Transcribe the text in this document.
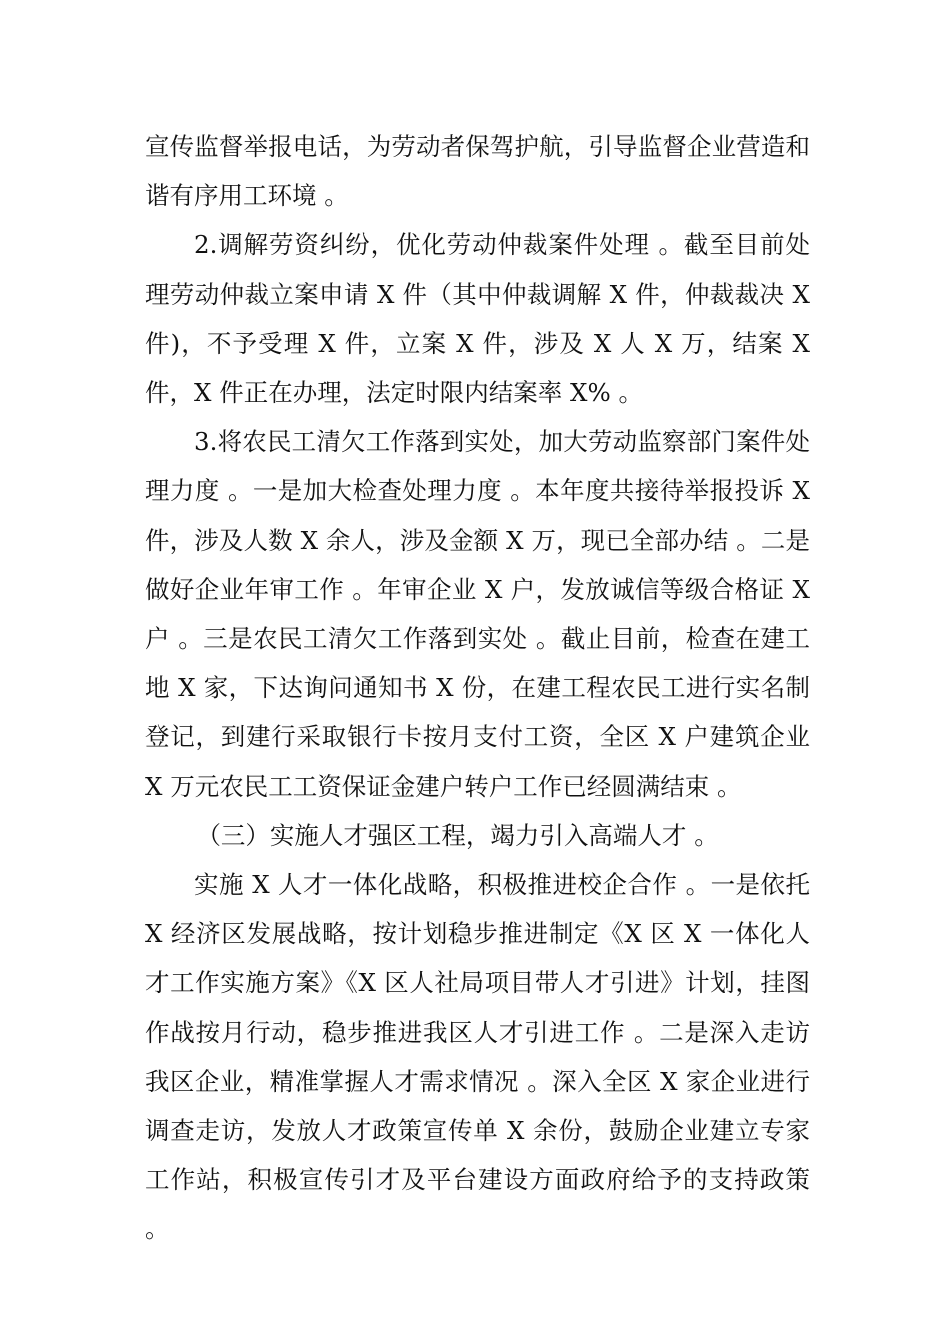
宣传监督举报电话，为劳动者保驾护航，引导监督企业营造和谐有序用工环境 。

2.调解劳资纠纷，优化劳动仲裁案件处理 。截至目前处理劳动仲裁立案申请 X 件（其中仲裁调解 X 件，仲裁裁决 X 件)，不予受理 X 件，立案 X 件，涉及 X 人 X 万，结案 X 件，X 件正在办理，法定时限内结案率 X% 。

3.将农民工清欠工作落到实处，加大劳动监察部门案件处理力度 。一是加大检查处理力度 。本年度共接待举报投诉 X 件，涉及人数 X 余人，涉及金额 X 万，现已全部办结 。二是做好企业年审工作 。年审企业 X 户，发放诚信等级合格证 X 户 。三是农民工清欠工作落到实处 。截止目前，检查在建工地 X 家，下达询问通知书 X 份，在建工程农民工进行实名制登记，到建行采取银行卡按月支付工资，全区 X 户建筑企业 X 万元农民工工资保证金建户转户工作已经圆满结束 。

（三）实施人才强区工程，竭力引入高端人才 。

实施 X 人才一体化战略，积极推进校企合作 。一是依托 X 经济区发展战略，按计划稳步推进制定《X 区 X 一体化人才工作实施方案》《X 区人社局项目带人才引进》计划，挂图作战按月行动，稳步推进我区人才引进工作 。二是深入走访我区企业，精准掌握人才需求情况 。深入全区 X 家企业进行调查走访，发放人才政策宣传单 X 余份，鼓励企业建立专家工作站，积极宣传引才及平台建设方面政府给予的支持政策 。
